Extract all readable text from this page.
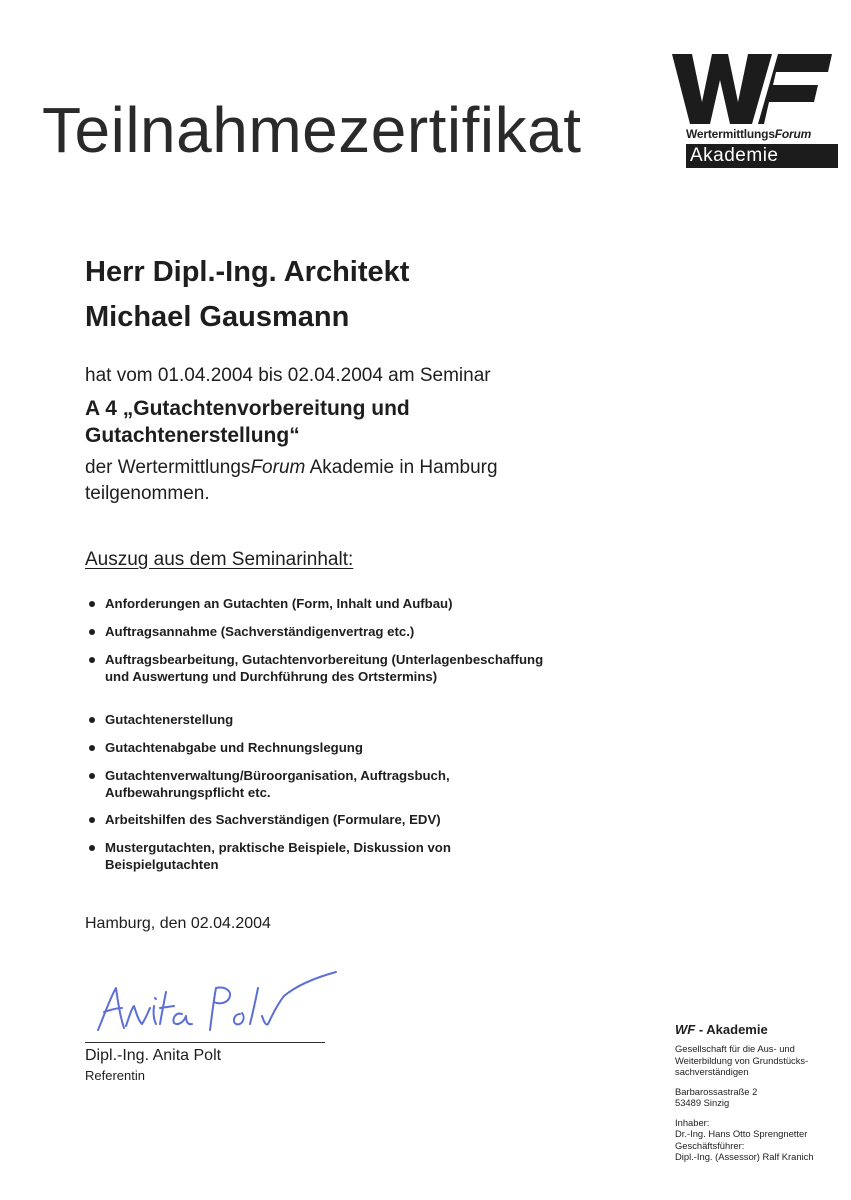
Teilnahmezertifikat	WertermittlungsForum
Akademie
Herr Dipl.-Ing. Architekt
Michael Gausmann
hat vom 01.04.2004 bis 02.04.2004 am Seminar
A 4 „Gutachtenvorbereitung und
Gutachtenerstellung“
der WertermittlungsForum Akademie in Hamburg
teilgenommen.
Auszug aus dem Seminarinhalt:
Anforderungen an Gutachten (Form, Inhalt und Aufbau)
Auftragsannahme (Sachverständigenvertrag etc.)
Auftragsbearbeitung, Gutachtenvorbereitung (Unterlagenbeschaffung und Auswertung und Durchführung des Ortstermins)
Gutachtenerstellung
Gutachtenabgabe und Rechnungslegung
Gutachtenverwaltung/Büroorganisation, Auftragsbuch, Aufbewahrungspflicht etc.
Arbeitshilfen des Sachverständigen (Formulare, EDV)
Mustergutachten, praktische Beispiele, Diskussion von Beispielgutachten
Hamburg, den 02.04.2004
Dipl.-Ing. Anita Polt
Referentin
WF - Akademie
Gesellschaft für die Aus- und
Weiterbildung von Grundstücks-
sachverständigen
Barbarossastraße 2
53489 Sinzig
Inhaber:
Dr.-Ing. Hans Otto Sprengnetter
Geschäftsführer:
Dipl.-Ing. (Assessor) Ralf Kranich
